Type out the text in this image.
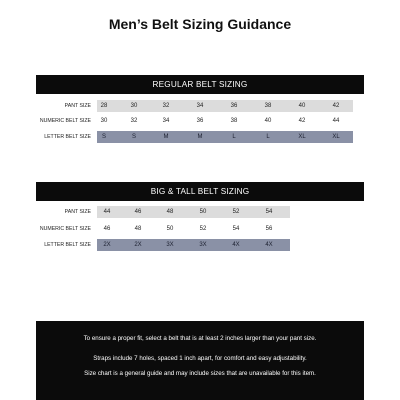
Men’s Belt Sizing Guidance
REGULAR BELT SIZING
PANT SIZE	28	30	32	34	36	38	40	42
NUMERIC BELT SIZE	30	32	34	36	38	40	42	44
LETTER BELT SIZE	S	S	M	M	L	L	XL	XL
BIG & TALL BELT SIZING
PANT SIZE	44	46	48	50	52	54
NUMERIC BELT SIZE	46	48	50	52	54	56
LETTER BELT SIZE	2X	2X	3X	3X	4X	4X

To ensure a proper fit, select a belt that is at least 2 inches larger than your pant size.

Straps include 7 holes, spaced 1 inch apart, for comfort and easy adjustability.

Size chart is a general guide and may include sizes that are unavailable for this item.
